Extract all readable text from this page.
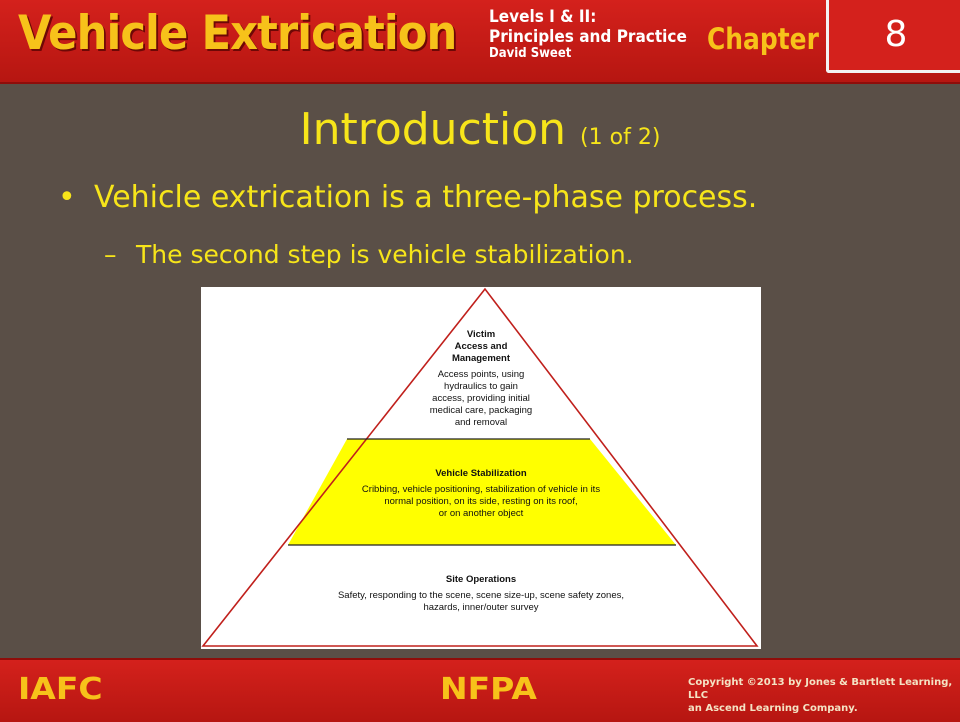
Vehicle Extrication Levels I & II:
Principles and Practice
David Sweet	Chapter	8
Introduction (1 of 2)
• Vehicle extrication is a three-phase process.
– The second step is vehicle stabilization.
Victim
Access and
Management
Access points, using
hydraulics to gain
access, providing initial
medical care, packaging
and removal
Vehicle Stabilization
Cribbing, vehicle positioning, stabilization of vehicle in its
normal position, on its side, resting on its roof,
or on another object
Site Operations
Safety, responding to the scene, scene size-up, scene safety zones,
hazards, inner/outer survey
IAFC	NFPA	Copyright ©2013 by Jones & Bartlett Learning, LLC
an Ascend Learning Company.
